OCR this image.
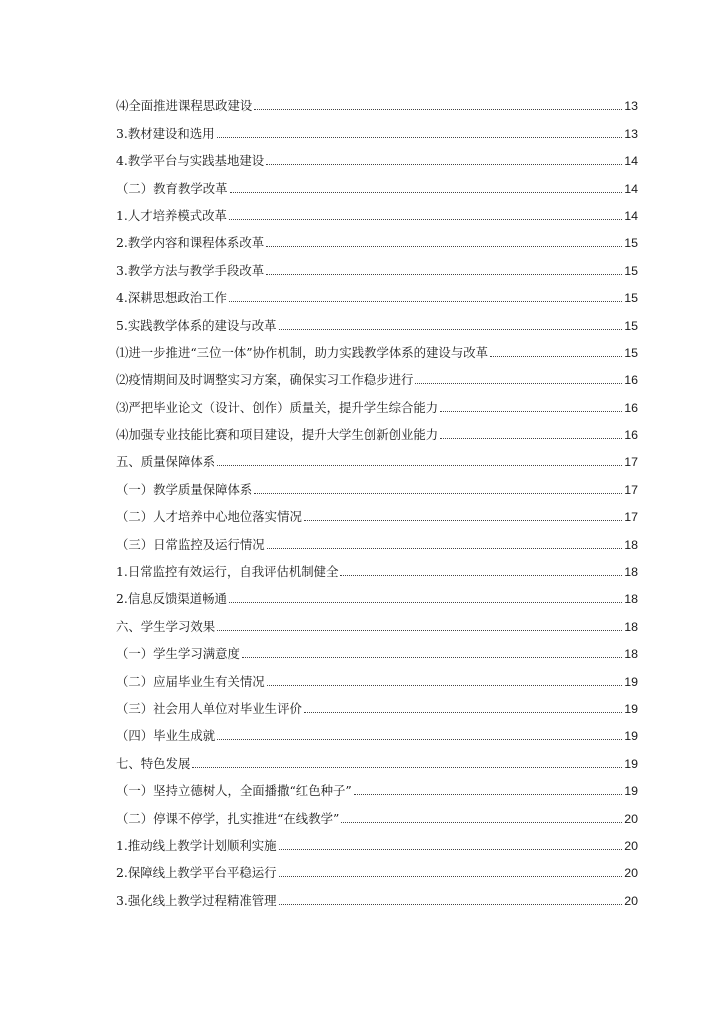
⑷全面推进课程思政建设	13
3.教材建设和选用	13
4.教学平台与实践基地建设	14
（二）教育教学改革	14
1.人才培养模式改革	14
2.教学内容和课程体系改革	15
3.教学方法与教学手段改革	15
4.深耕思想政治工作	15
5.实践教学体系的建设与改革	15
⑴进一步推进“三位一体”协作机制，助力实践教学体系的建设与改革	15
⑵疫情期间及时调整实习方案，确保实习工作稳步进行	16
⑶严把毕业论文（设计、创作）质量关，提升学生综合能力	16
⑷加强专业技能比赛和项目建设，提升大学生创新创业能力	16
五、质量保障体系	17
（一）教学质量保障体系	17
（二）人才培养中心地位落实情况	17
（三）日常监控及运行情况	18
1.日常监控有效运行，自我评估机制健全	18
2.信息反馈渠道畅通	18
六、学生学习效果	18
（一）学生学习满意度	18
（二）应届毕业生有关情况	19
（三）社会用人单位对毕业生评价	19
（四）毕业生成就	19
七、特色发展	19
（一）坚持立德树人，全面播撒“红色种子”	19
（二）停课不停学，扎实推进“在线教学”	20
1.推动线上教学计划顺利实施	20
2.保障线上教学平台平稳运行	20
3.强化线上教学过程精准管理	20
